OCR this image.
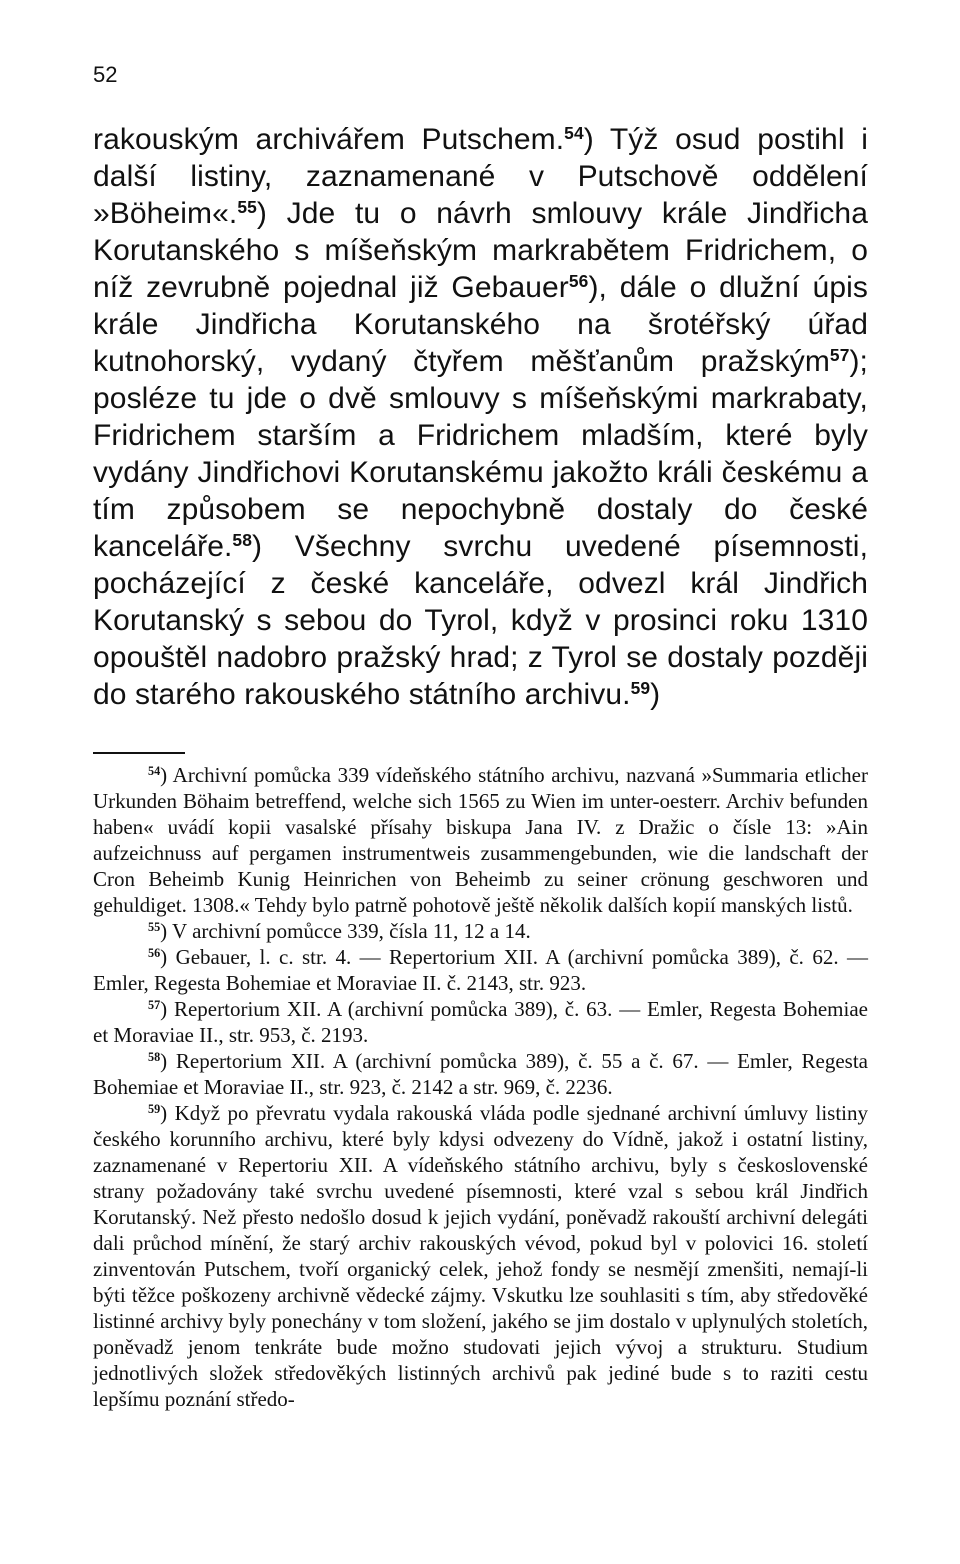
52

rakouským archivářem Putschem.$^{54}$) Týž osud postihl i další listiny, zaznamenané v Putschově oddělení »Böheim«.$^{55}$) Jde tu o návrh smlouvy krále Jindřicha Korutanského s míšeňským markrabětem Fridrichem, o níž zevrubně pojednal již Gebauer$^{56}$), dále o dlužní úpis krále Jindřicha Korutanského na šrotéřský úřad kutnohorský, vydaný čtyřem měšťanům pražským$^{57}$); posléze tu jde o dvě smlouvy s míšeňskými markrabaty, Fridrichem starším a Fridrichem mladším, které byly vydány Jindřichovi Korutanskému jakožto králi českému a tím způsobem se nepochybně dostaly do české kanceláře.$^{58}$) Všechny svrchu uvedené písemnosti, pocházející z české kanceláře, odvezl král Jindřich Korutanský s sebou do Tyrol, když v prosinci roku 1310 opouštěl nadobro pražský hrad; z Tyrol se dostaly později do starého rakouského státního archivu.$^{59}$)

$^{54}$) Archivní pomůcka 339 vídeňského státního archivu, nazvaná »Summaria etlicher Urkunden Böhaim betreffend, welche sich 1565 zu Wien im unter-oesterr. Archiv befunden haben« uvádí kopii vasalské přísahy biskupa Jana IV. z Dražic o čísle 13: »Ain aufzeichnuss auf pergamen instrumentweis zusammengebunden, wie die landschaft der Cron Beheimb Kunig Heinrichen von Beheimb zu seiner crönung geschworen und gehuldiget. 1308.« Tehdy bylo patrně pohotově ještě několik dalších kopií manských listů.

$^{55}$) V archivní pomůcce 339, čísla 11, 12 a 14.

$^{56}$) Gebauer, l. c. str. 4. — Repertorium XII. A (archivní pomůcka 389), č. 62. — Emler, Regesta Bohemiae et Moraviae II. č. 2143, str. 923.

$^{57}$) Repertorium XII. A (archivní pomůcka 389), č. 63. — Emler, Regesta Bohemiae et Moraviae II., str. 953, č. 2193.

$^{58}$) Repertorium XII. A (archivní pomůcka 389), č. 55 a č. 67. — Emler, Regesta Bohemiae et Moraviae II., str. 923, č. 2142 a str. 969, č. 2236.

$^{59}$) Když po převratu vydala rakouská vláda podle sjednané archivní úmluvy listiny českého korunního archivu, které byly kdysi odvezeny do Vídně, jakož i ostatní listiny, zaznamenané v Repertoriu XII. A vídeňského státního archivu, byly s československé strany požadovány také svrchu uvedené písemnosti, které vzal s sebou král Jindřich Korutanský. Než přesto nedošlo dosud k jejich vydání, poněvadž rakouští archivní delegáti dali průchod mínění, že starý archiv rakouských vévod, pokud byl v polovici 16. století zinventován Putschem, tvoří organický celek, jehož fondy se nesmějí zmenšiti, nemají-li býti těžce poškozeny archivně vědecké zájmy. Vskutku lze souhlasiti s tím, aby středověké listinné archivy byly ponechány v tom složení, jakého se jim dostalo v uplynulých stoletích, poněvadž jenom tenkráte bude možno studovati jejich vývoj a strukturu. Studium jednotlivých složek středověkých listinných archivů pak jediné bude s to raziti cestu lepšímu poznání středo-
